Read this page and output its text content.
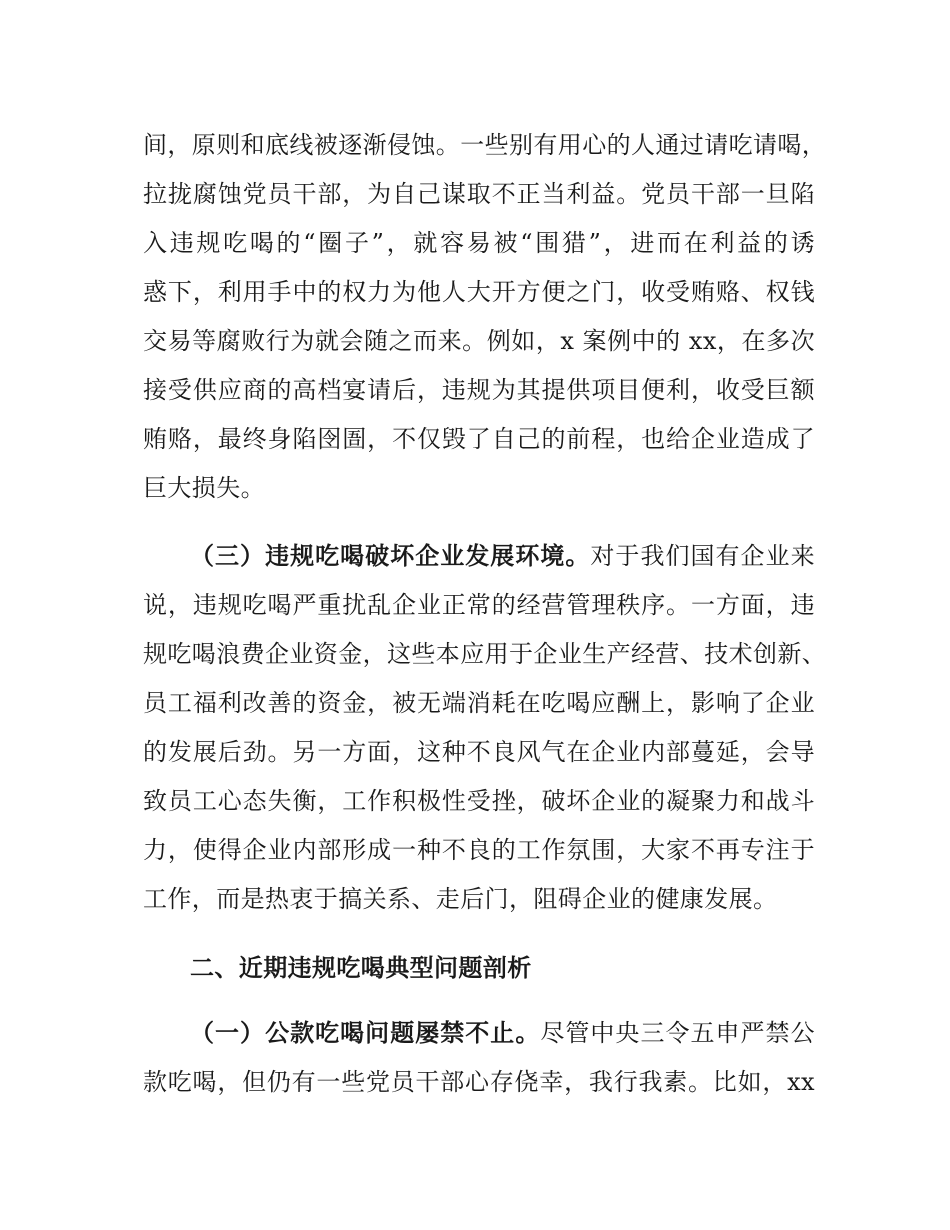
间，原则和底线被逐渐侵蚀。一些别有用心的人通过请吃请喝，

拉拢腐蚀党员干部，为自己谋取不正当利益。党员干部一旦陷

入违规吃喝的“圈子”，就容易被“围猎”，进而在利益的诱

惑下，利用手中的权力为他人大开方便之门，收受贿赂、权钱

交易等腐败行为就会随之而来。例如，x 案例中的 xx，在多次

接受供应商的高档宴请后，违规为其提供项目便利，收受巨额

贿赂，最终身陷囹圄，不仅毁了自己的前程，也给企业造成了

巨大损失。

（三）违规吃喝破坏企业发展环境。对于我们国有企业来

说，违规吃喝严重扰乱企业正常的经营管理秩序。一方面，违

规吃喝浪费企业资金，这些本应用于企业生产经营、技术创新、

员工福利改善的资金，被无端消耗在吃喝应酬上，影响了企业

的发展后劲。另一方面，这种不良风气在企业内部蔓延，会导

致员工心态失衡，工作积极性受挫，破坏企业的凝聚力和战斗

力，使得企业内部形成一种不良的工作氛围，大家不再专注于

工作，而是热衷于搞关系、走后门，阻碍企业的健康发展。

二、近期违规吃喝典型问题剖析

（一）公款吃喝问题屡禁不止。尽管中央三令五申严禁公

款吃喝，但仍有一些党员干部心存侥幸，我行我素。比如，xx
